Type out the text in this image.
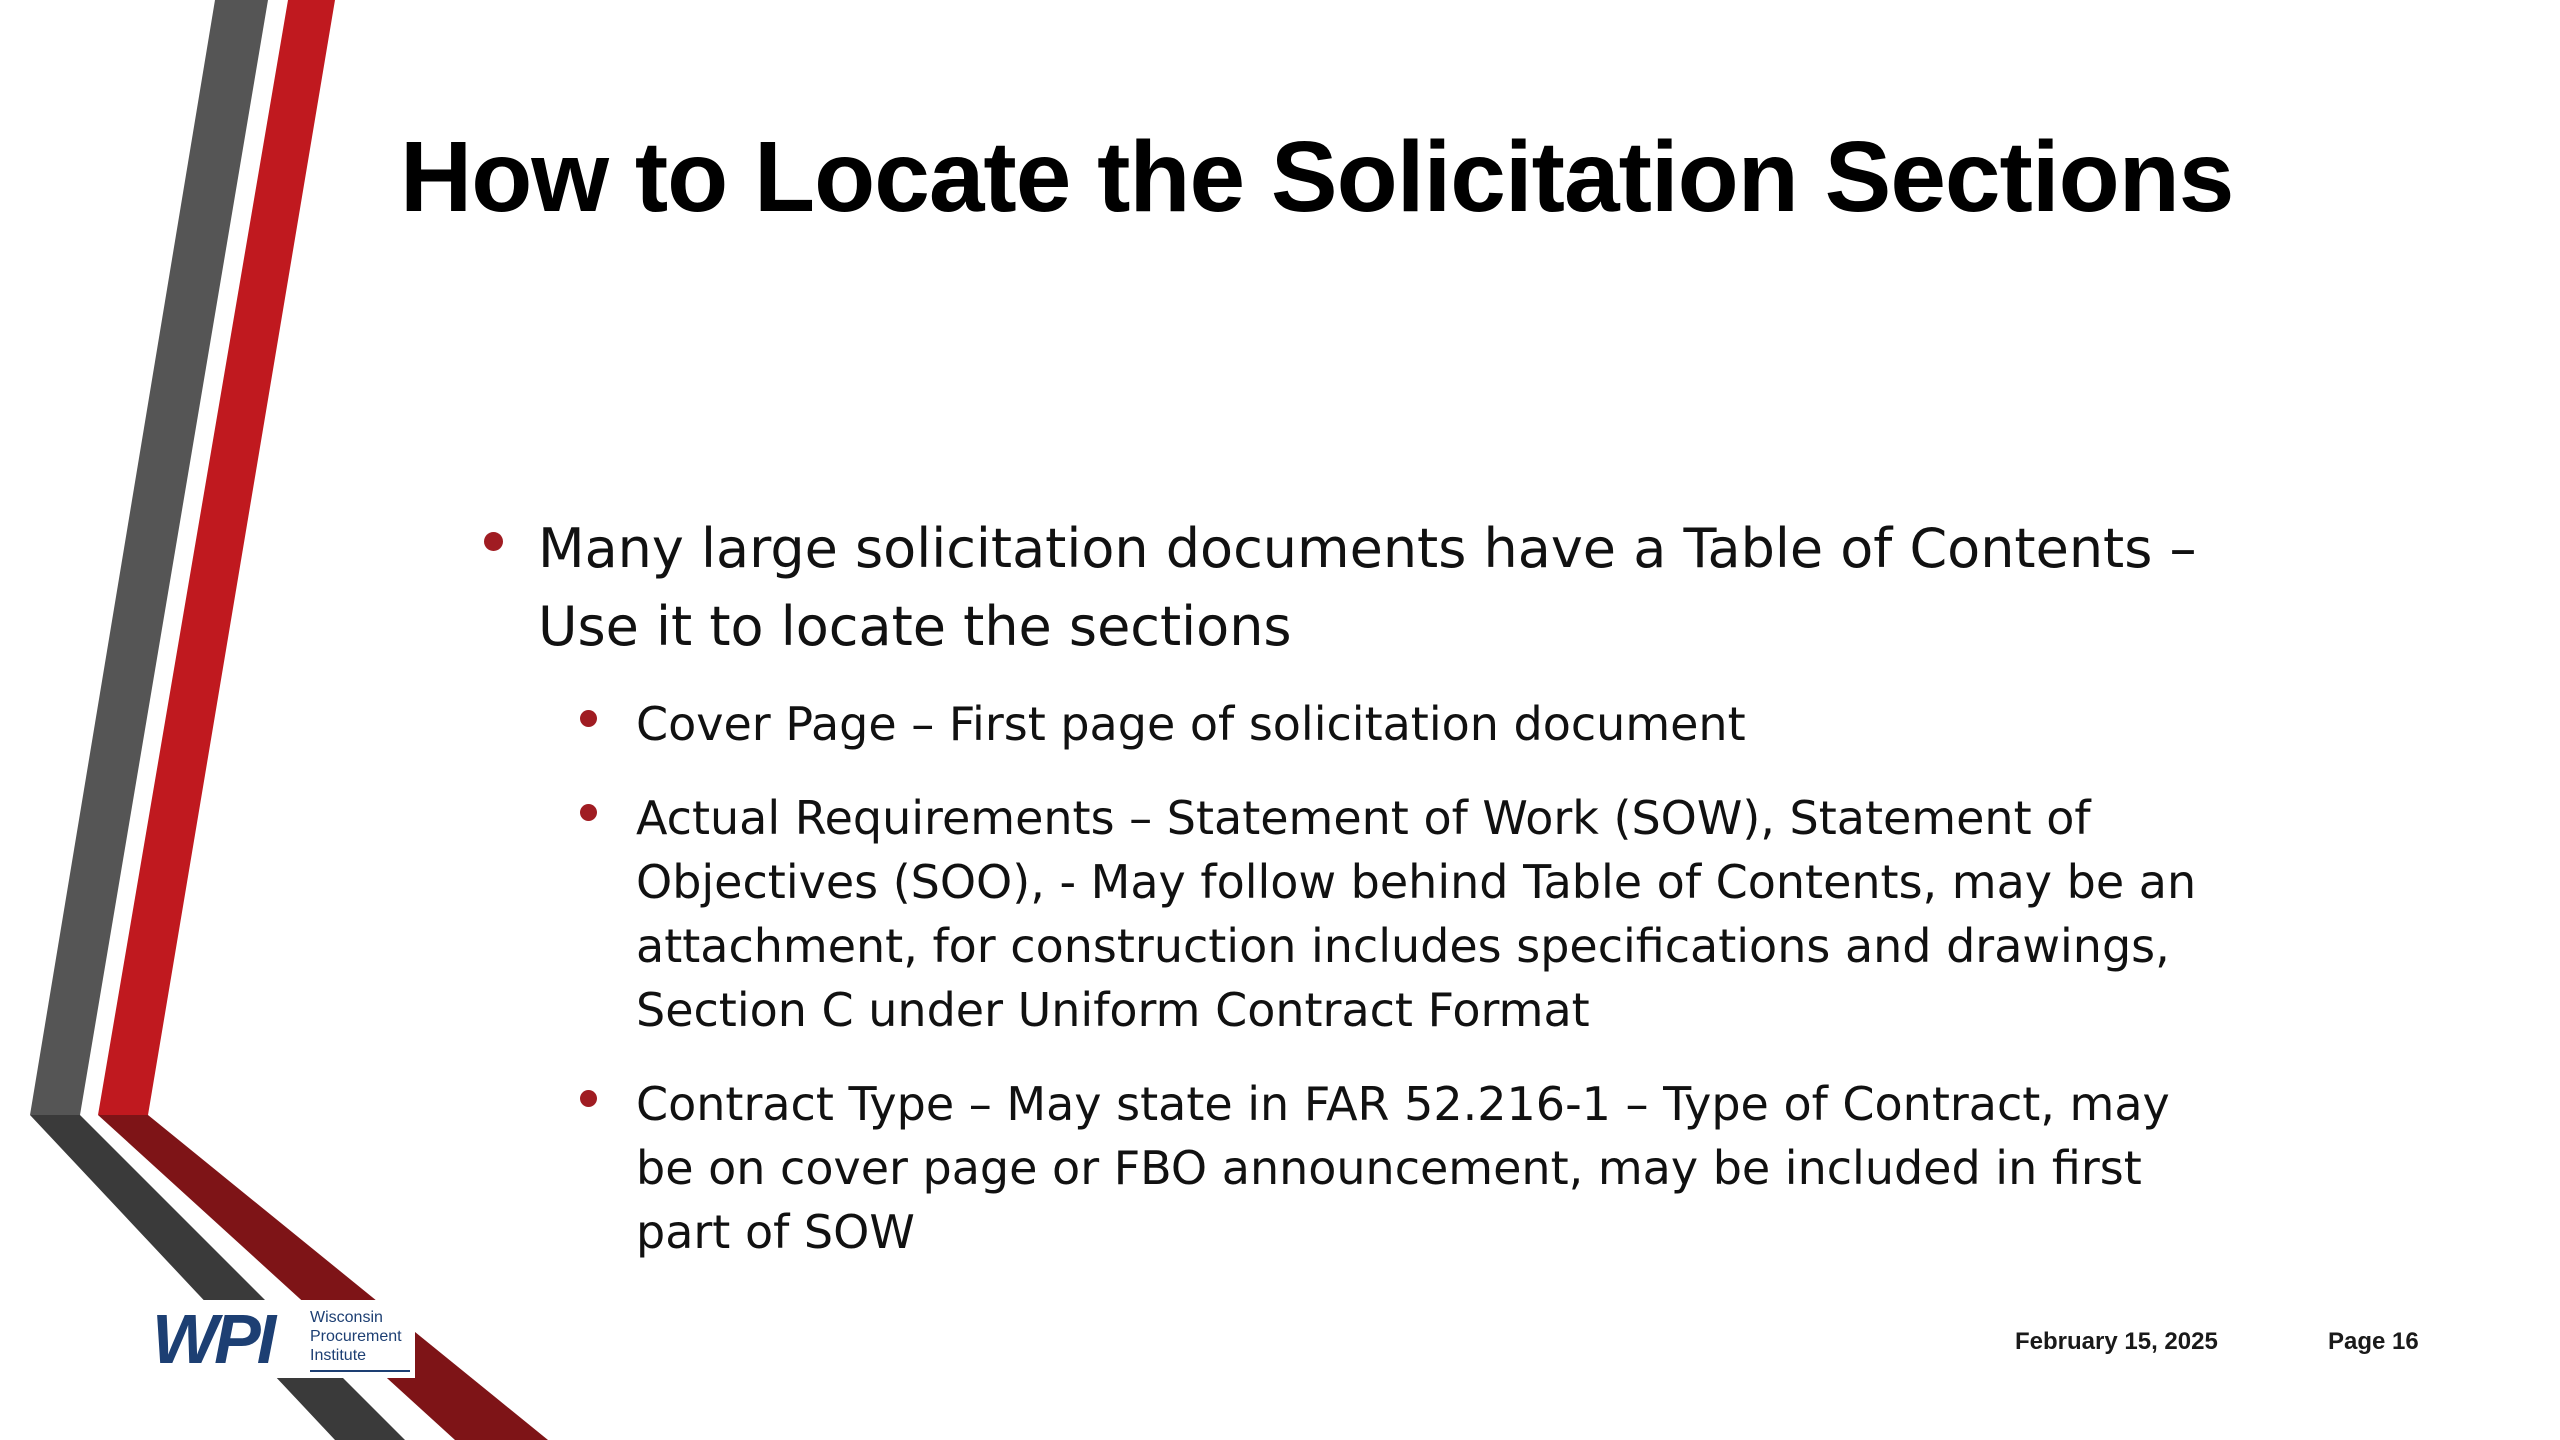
How to Locate the Solicitation Sections
Many large solicitation documents have a Table of Contents – Use it to locate the sections
Cover Page – First page of solicitation document
Actual Requirements – Statement of Work (SOW), Statement of Objectives (SOO), - May follow behind Table of Contents, may be an attachment, for construction includes specifications and drawings, Section C under Uniform Contract Format
Contract Type – May state in FAR 52.216-1 – Type of Contract, may be on cover page or FBO announcement, may be included in first part of SOW
WPI Wisconsin
Procurement
Institute
February 15, 2025	Page 16
